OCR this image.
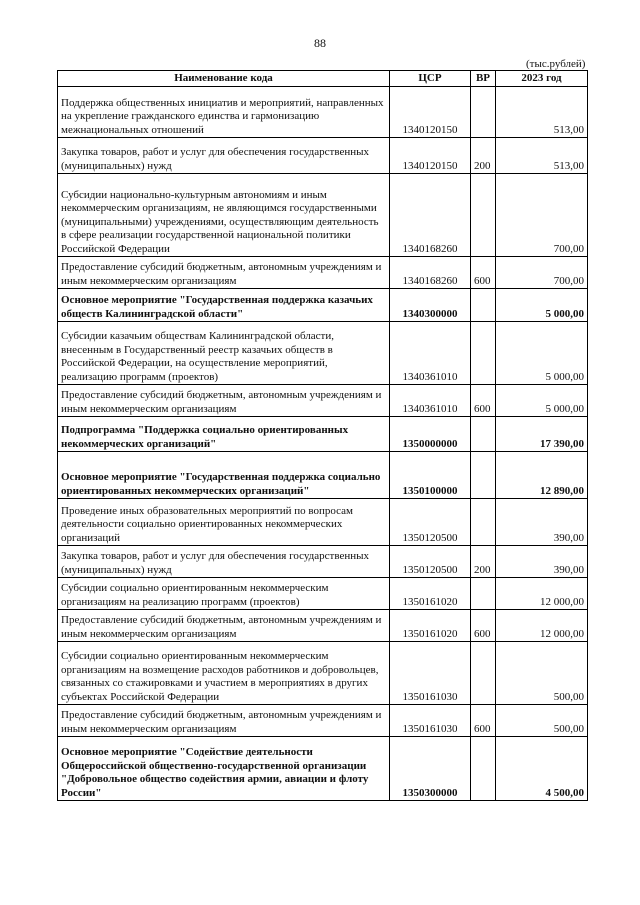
88
(тыс.рублей)
Наименование кода	ЦСР	ВР	2023 год
Поддержка общественных инициатив и мероприятий, направленных на укрепление гражданского единства и гармонизацию межнациональных отношений	1340120150		513,00
Закупка товаров, работ и услуг для обеспечения государственных (муниципальных) нужд	1340120150	200	513,00
Субсидии национально-культурным автономиям и иным некоммерческим организациям, не являющимся государственными (муниципальными) учреждениями, осуществляющим деятельность в сфере реализации государственной национальной политики Российской Федерации	1340168260		700,00
Предоставление субсидий бюджетным, автономным учреждениям и иным некоммерческим организациям	1340168260	600	700,00
Основное мероприятие "Государственная поддержка казачьих обществ Калининградской области"	1340300000		5 000,00
Субсидии казачьим обществам Калининградской области, внесенным в Государственный реестр казачьих обществ в Российской Федерации, на осуществление мероприятий, реализацию программ (проектов)	1340361010		5 000,00
Предоставление субсидий бюджетным, автономным учреждениям и иным некоммерческим организациям	1340361010	600	5 000,00
Подпрограмма "Поддержка социально ориентированных некоммерческих организаций"	1350000000		17 390,00
Основное мероприятие "Государственная поддержка социально ориентированных некоммерческих организаций"	1350100000		12 890,00
Проведение иных образовательных мероприятий по вопросам деятельности социально ориентированных некоммерческих организаций	1350120500		390,00
Закупка товаров, работ и услуг для обеспечения государственных (муниципальных) нужд	1350120500	200	390,00
Субсидии социально ориентированным некоммерческим организациям на реализацию программ (проектов)	1350161020		12 000,00
Предоставление субсидий бюджетным, автономным учреждениям и иным некоммерческим организациям	1350161020	600	12 000,00
Субсидии социально ориентированным некоммерческим организациям на возмещение расходов работников и добровольцев, связанных со стажировками и участием в мероприятиях в других субъектах Российской Федерации	1350161030		500,00
Предоставление субсидий бюджетным, автономным учреждениям и иным некоммерческим организациям	1350161030	600	500,00
Основное мероприятие "Содействие деятельности Общероссийской общественно-государственной организации "Добровольное общество содействия армии, авиации и флоту России"	1350300000		4 500,00
